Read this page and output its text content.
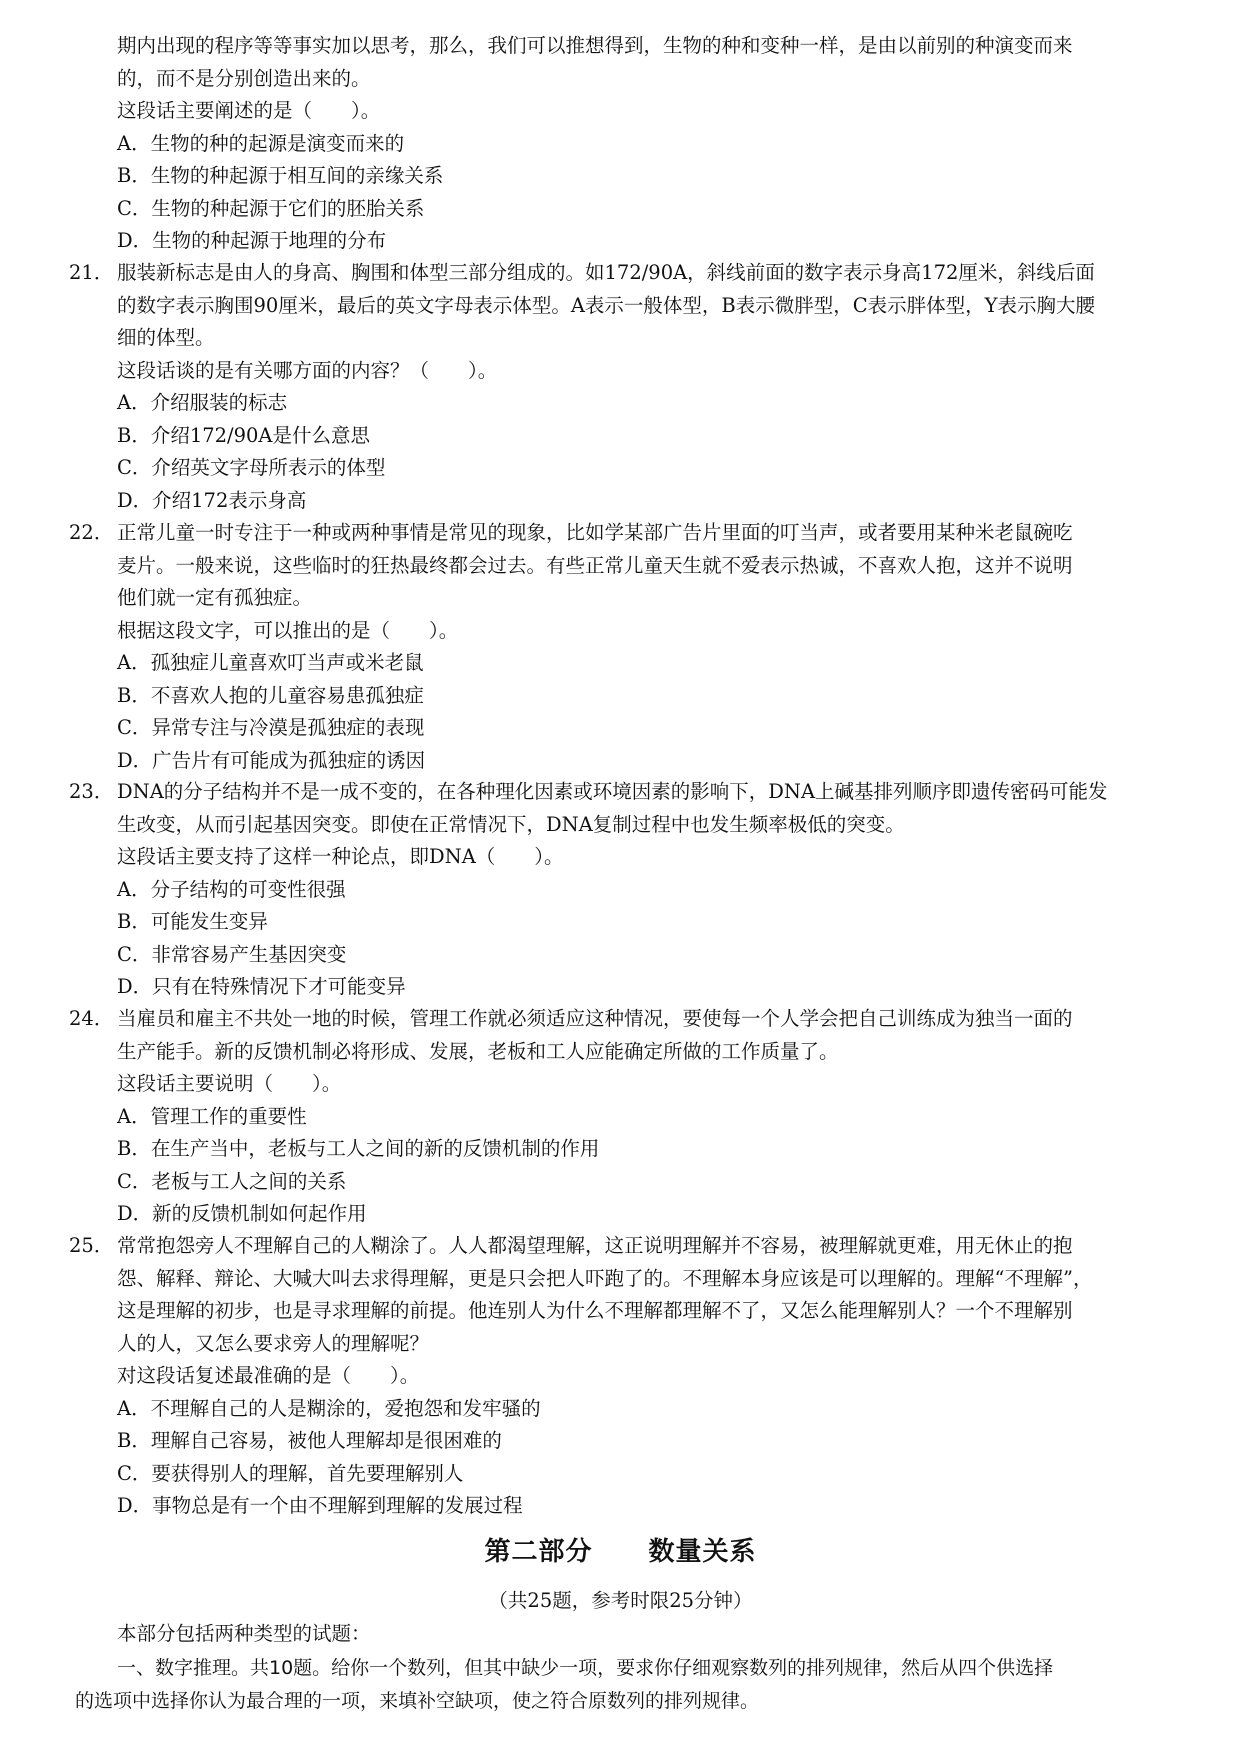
期内出现的程序等等事实加以思考，那么，我们可以推想得到，生物的种和变种一样，是由以前别的种演变而来
的，而不是分别创造出来的。
这段话主要阐述的是（　　）。
A．生物的种的起源是演变而来的
B．生物的种起源于相互间的亲缘关系
C．生物的种起源于它们的胚胎关系
D．生物的种起源于地理的分布
21． 服装新标志是由人的身高、胸围和体型三部分组成的。如172/90A，斜线前面的数字表示身高172厘米，斜线后面
的数字表示胸围90厘米，最后的英文字母表示体型。A表示一般体型，B表示微胖型，C表示胖体型，Y表示胸大腰
细的体型。
这段话谈的是有关哪方面的内容？（　　）。
A．介绍服装的标志
B．介绍172/90A是什么意思
C．介绍英文字母所表示的体型
D．介绍172表示身高
22． 正常儿童一时专注于一种或两种事情是常见的现象，比如学某部广告片里面的叮当声，或者要用某种米老鼠碗吃
麦片。一般来说，这些临时的狂热最终都会过去。有些正常儿童天生就不爱表示热诚，不喜欢人抱，这并不说明
他们就一定有孤独症。
根据这段文字，可以推出的是（　　）。
A．孤独症儿童喜欢叮当声或米老鼠
B．不喜欢人抱的儿童容易患孤独症
C．异常专注与冷漠是孤独症的表现
D．广告片有可能成为孤独症的诱因
23． DNA的分子结构并不是一成不变的，在各种理化因素或环境因素的影响下，DNA上碱基排列顺序即遗传密码可能发
生改变，从而引起基因突变。即使在正常情况下，DNA复制过程中也发生频率极低的突变。
这段话主要支持了这样一种论点，即DNA（　　）。
A．分子结构的可变性很强
B．可能发生变异
C．非常容易产生基因突变
D．只有在特殊情况下才可能变异
24． 当雇员和雇主不共处一地的时候，管理工作就必须适应这种情况，要使每一个人学会把自己训练成为独当一面的
生产能手。新的反馈机制必将形成、发展，老板和工人应能确定所做的工作质量了。
这段话主要说明（　　）。
A．管理工作的重要性
B．在生产当中，老板与工人之间的新的反馈机制的作用
C．老板与工人之间的关系
D．新的反馈机制如何起作用
25． 常常抱怨旁人不理解自己的人糊涂了。人人都渴望理解，这正说明理解并不容易，被理解就更难，用无休止的抱
怨、解释、辩论、大喊大叫去求得理解，更是只会把人吓跑了的。不理解本身应该是可以理解的。理解“不理解”，
这是理解的初步，也是寻求理解的前提。他连别人为什么不理解都理解不了，又怎么能理解别人？一个不理解别
人的人，又怎么要求旁人的理解呢？
对这段话复述最准确的是（　　）。
A．不理解自己的人是糊涂的，爱抱怨和发牢骚的
B．理解自己容易，被他人理解却是很困难的
C．要获得别人的理解，首先要理解别人
D．事物总是有一个由不理解到理解的发展过程
第二部分 数量关系
（共25题，参考时限25分钟）
本部分包括两种类型的试题：
一、数字推理。共10题。给你一个数列，但其中缺少一项，要求你仔细观察数列的排列规律，然后从四个供选择
的选项中选择你认为最合理的一项，来填补空缺项，使之符合原数列的排列规律。
